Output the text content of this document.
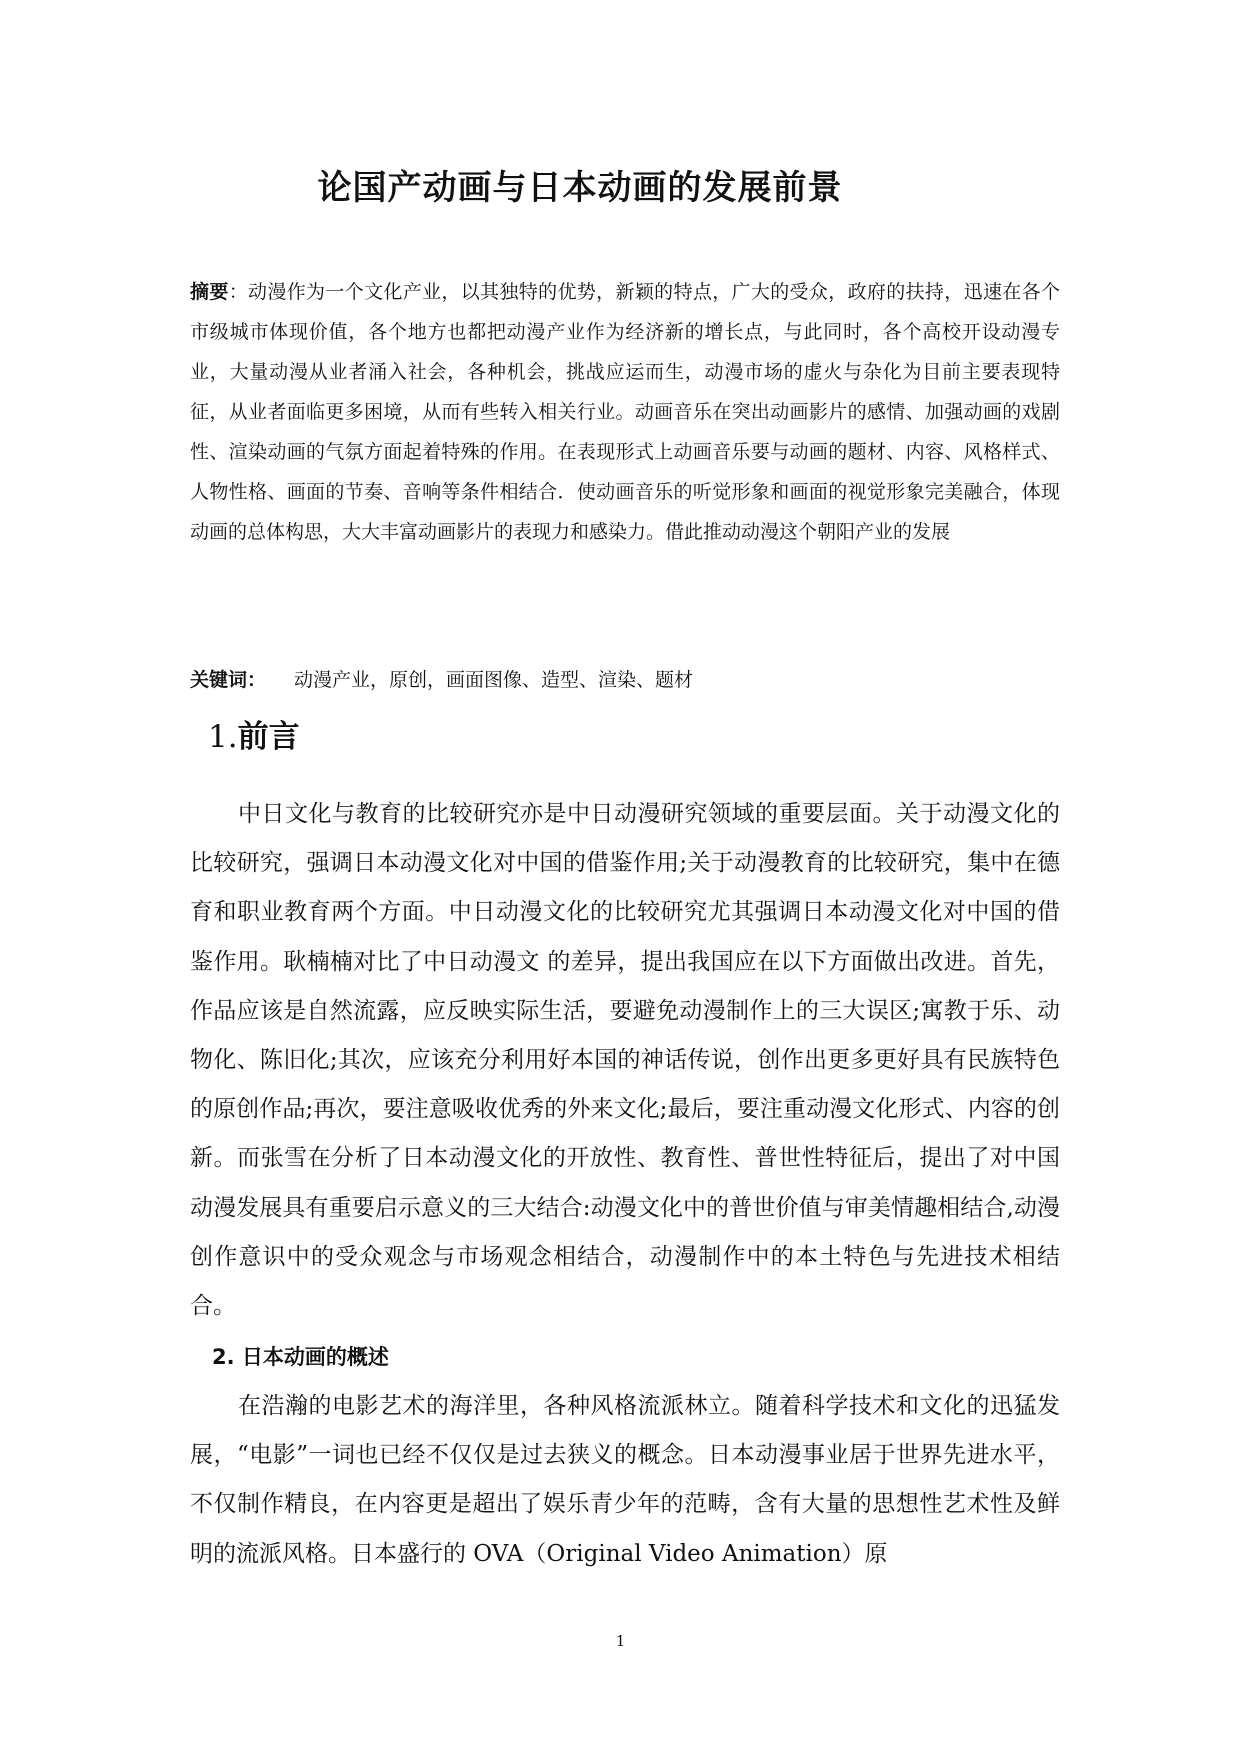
论国产动画与日本动画的发展前景
摘要：动漫作为一个文化产业，以其独特的优势，新颖的特点，广大的受众，政府的扶持，迅速在各个市级城市体现价值，各个地方也都把动漫产业作为经济新的增长点，与此同时，各个高校开设动漫专业，大量动漫从业者涌入社会，各种机会，挑战应运而生，动漫市场的虚火与杂化为目前主要表现特征，从业者面临更多困境，从而有些转入相关行业。动画音乐在突出动画影片的感情、加强动画的戏剧性、渲染动画的气氛方面起着特殊的作用。在表现形式上动画音乐要与动画的题材、内容、风格样式、人物性格、画面的节奏、音响等条件相结合．使动画音乐的听觉形象和画面的视觉形象完美融合，体现动画的总体构思，大大丰富动画影片的表现力和感染力。借此推动动漫这个朝阳产业的发展
关键词： 动漫产业，原创，画面图像、造型、渲染、题材
1.前言

中日文化与教育的比较研究亦是中日动漫研究领域的重要层面。关于动漫文化的比较研究，强调日本动漫文化对中国的借鉴作用;关于动漫教育的比较研究，集中在德育和职业教育两个方面。中日动漫文化的比较研究尤其强调日本动漫文化对中国的借鉴作用。耿楠楠对比了中日动漫文 的差异，提出我国应在以下方面做出改进。首先，作品应该是自然流露，应反映实际生活，要避免动漫制作上的三大误区;寓教于乐、动物化、陈旧化;其次，应该充分利用好本国的神话传说，创作出更多更好具有民族特色的原创作品;再次，要注意吸收优秀的外来文化;最后，要注重动漫文化形式、内容的创新。而张雪在分析了日本动漫文化的开放性、教育性、普世性特征后，提出了对中国动漫发展具有重要启示意义的三大结合:动漫文化中的普世价值与审美情趣相结合,动漫创作意识中的受众观念与市场观念相结合，动漫制作中的本土特色与先进技术相结合。

2. 日本动画的概述

在浩瀚的电影艺术的海洋里，各种风格流派林立。随着科学技术和文化的迅猛发展，“电影”一词也已经不仅仅是过去狭义的概念。日本动漫事业居于世界先进水平，不仅制作精良，在内容更是超出了娱乐青少年的范畴，含有大量的思想性艺术性及鲜明的流派风格。日本盛行的 OVA（Original Video Animation）原

1
